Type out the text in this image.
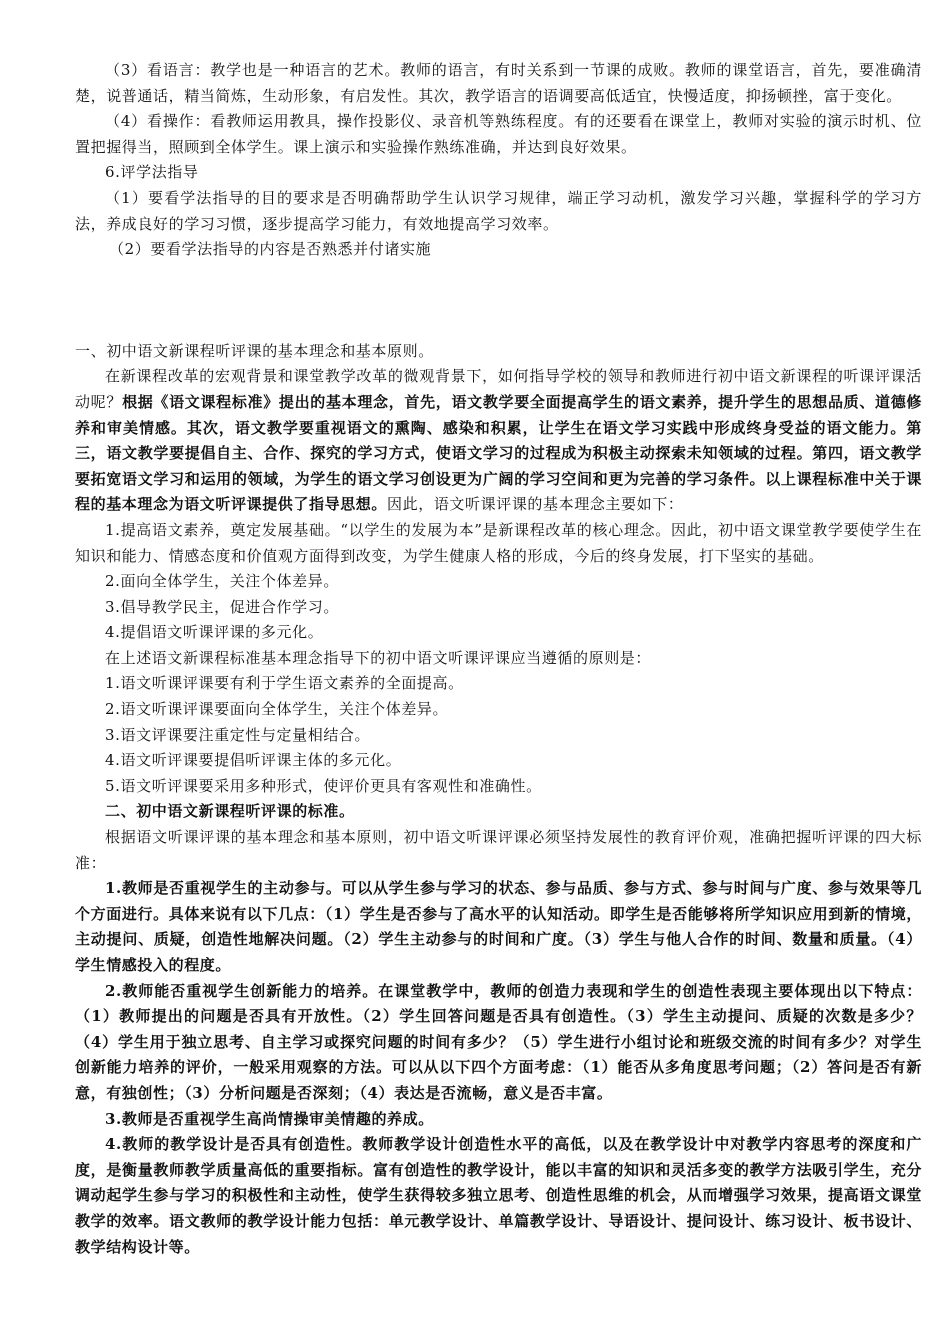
（3）看语言：教学也是一种语言的艺术。教师的语言，有时关系到一节课的成败。教师的课堂语言，首先，要准确清楚，说普通话，精当简炼，生动形象，有启发性。其次，教学语言的语调要高低适宜，快慢适度，抑扬顿挫，富于变化。

（4）看操作：看教师运用教具，操作投影仪、录音机等熟练程度。有的还要看在课堂上，教师对实验的演示时机、位置把握得当，照顾到全体学生。课上演示和实验操作熟练准确，并达到良好效果。

6.评学法指导

（1）要看学法指导的目的要求是否明确帮助学生认识学习规律，端正学习动机，激发学习兴趣，掌握科学的学习方法，养成良好的学习习惯，逐步提高学习能力，有效地提高学习效率。

（2）要看学法指导的内容是否熟悉并付诸实施

一、初中语文新课程听评课的基本理念和基本原则。

在新课程改革的宏观背景和课堂教学改革的微观背景下，如何指导学校的领导和教师进行初中语文新课程的听课评课活动呢？根据《语文课程标准》提出的基本理念，首先，语文教学要全面提高学生的语文素养，提升学生的思想品质、道德修养和审美情感。其次，语文教学要重视语文的熏陶、感染和积累，让学生在语文学习实践中形成终身受益的语文能力。第三，语文教学要提倡自主、合作、探究的学习方式，使语文学习的过程成为积极主动探索未知领域的过程。第四，语文教学要拓宽语文学习和运用的领域，为学生的语文学习创设更为广阔的学习空间和更为完善的学习条件。以上课程标准中关于课程的基本理念为语文听评课提供了指导思想。因此，语文听课评课的基本理念主要如下：

1.提高语文素养，奠定发展基础。“以学生的发展为本”是新课程改革的核心理念。因此，初中语文课堂教学要使学生在知识和能力、情感态度和价值观方面得到改变，为学生健康人格的形成，今后的终身发展，打下坚实的基础。

2.面向全体学生，关注个体差异。

3.倡导教学民主，促进合作学习。

4.提倡语文听课评课的多元化。

在上述语文新课程标准基本理念指导下的初中语文听课评课应当遵循的原则是：

1.语文听课评课要有利于学生语文素养的全面提高。

2.语文听课评课要面向全体学生，关注个体差异。

3.语文评课要注重定性与定量相结合。

4.语文听评课要提倡听评课主体的多元化。

5.语文听评课要采用多种形式，使评价更具有客观性和准确性。

二、初中语文新课程听评课的标准。

根据语文听课评课的基本理念和基本原则，初中语文听课评课必须坚持发展性的教育评价观，准确把握听评课的四大标准：

1.教师是否重视学生的主动参与。可以从学生参与学习的状态、参与品质、参与方式、参与时间与广度、参与效果等几个方面进行。具体来说有以下几点：（1）学生是否参与了高水平的认知活动。即学生是否能够将所学知识应用到新的情境，主动提问、质疑，创造性地解决问题。（2）学生主动参与的时间和广度。（3）学生与他人合作的时间、数量和质量。（4）学生情感投入的程度。

2.教师能否重视学生创新能力的培养。在课堂教学中，教师的创造力表现和学生的创造性表现主要体现出以下特点：（1）教师提出的问题是否具有开放性。（2）学生回答问题是否具有创造性。（3）学生主动提问、质疑的次数是多少？（4）学生用于独立思考、自主学习或探究问题的时间有多少？（5）学生进行小组讨论和班级交流的时间有多少？对学生创新能力培养的评价，一般采用观察的方法。可以从以下四个方面考虑：（1）能否从多角度思考问题；（2）答问是否有新意，有独创性；（3）分析问题是否深刻；（4）表达是否流畅，意义是否丰富。

3.教师是否重视学生高尚情操审美情趣的养成。

4.教师的教学设计是否具有创造性。教师教学设计创造性水平的高低，以及在教学设计中对教学内容思考的深度和广度，是衡量教师教学质量高低的重要指标。富有创造性的教学设计，能以丰富的知识和灵活多变的教学方法吸引学生，充分调动起学生参与学习的积极性和主动性，使学生获得较多独立思考、创造性思维的机会，从而增强学习效果，提高语文课堂教学的效率。语文教师的教学设计能力包括：单元教学设计、单篇教学设计、导语设计、提问设计、练习设计、板书设计、教学结构设计等。
